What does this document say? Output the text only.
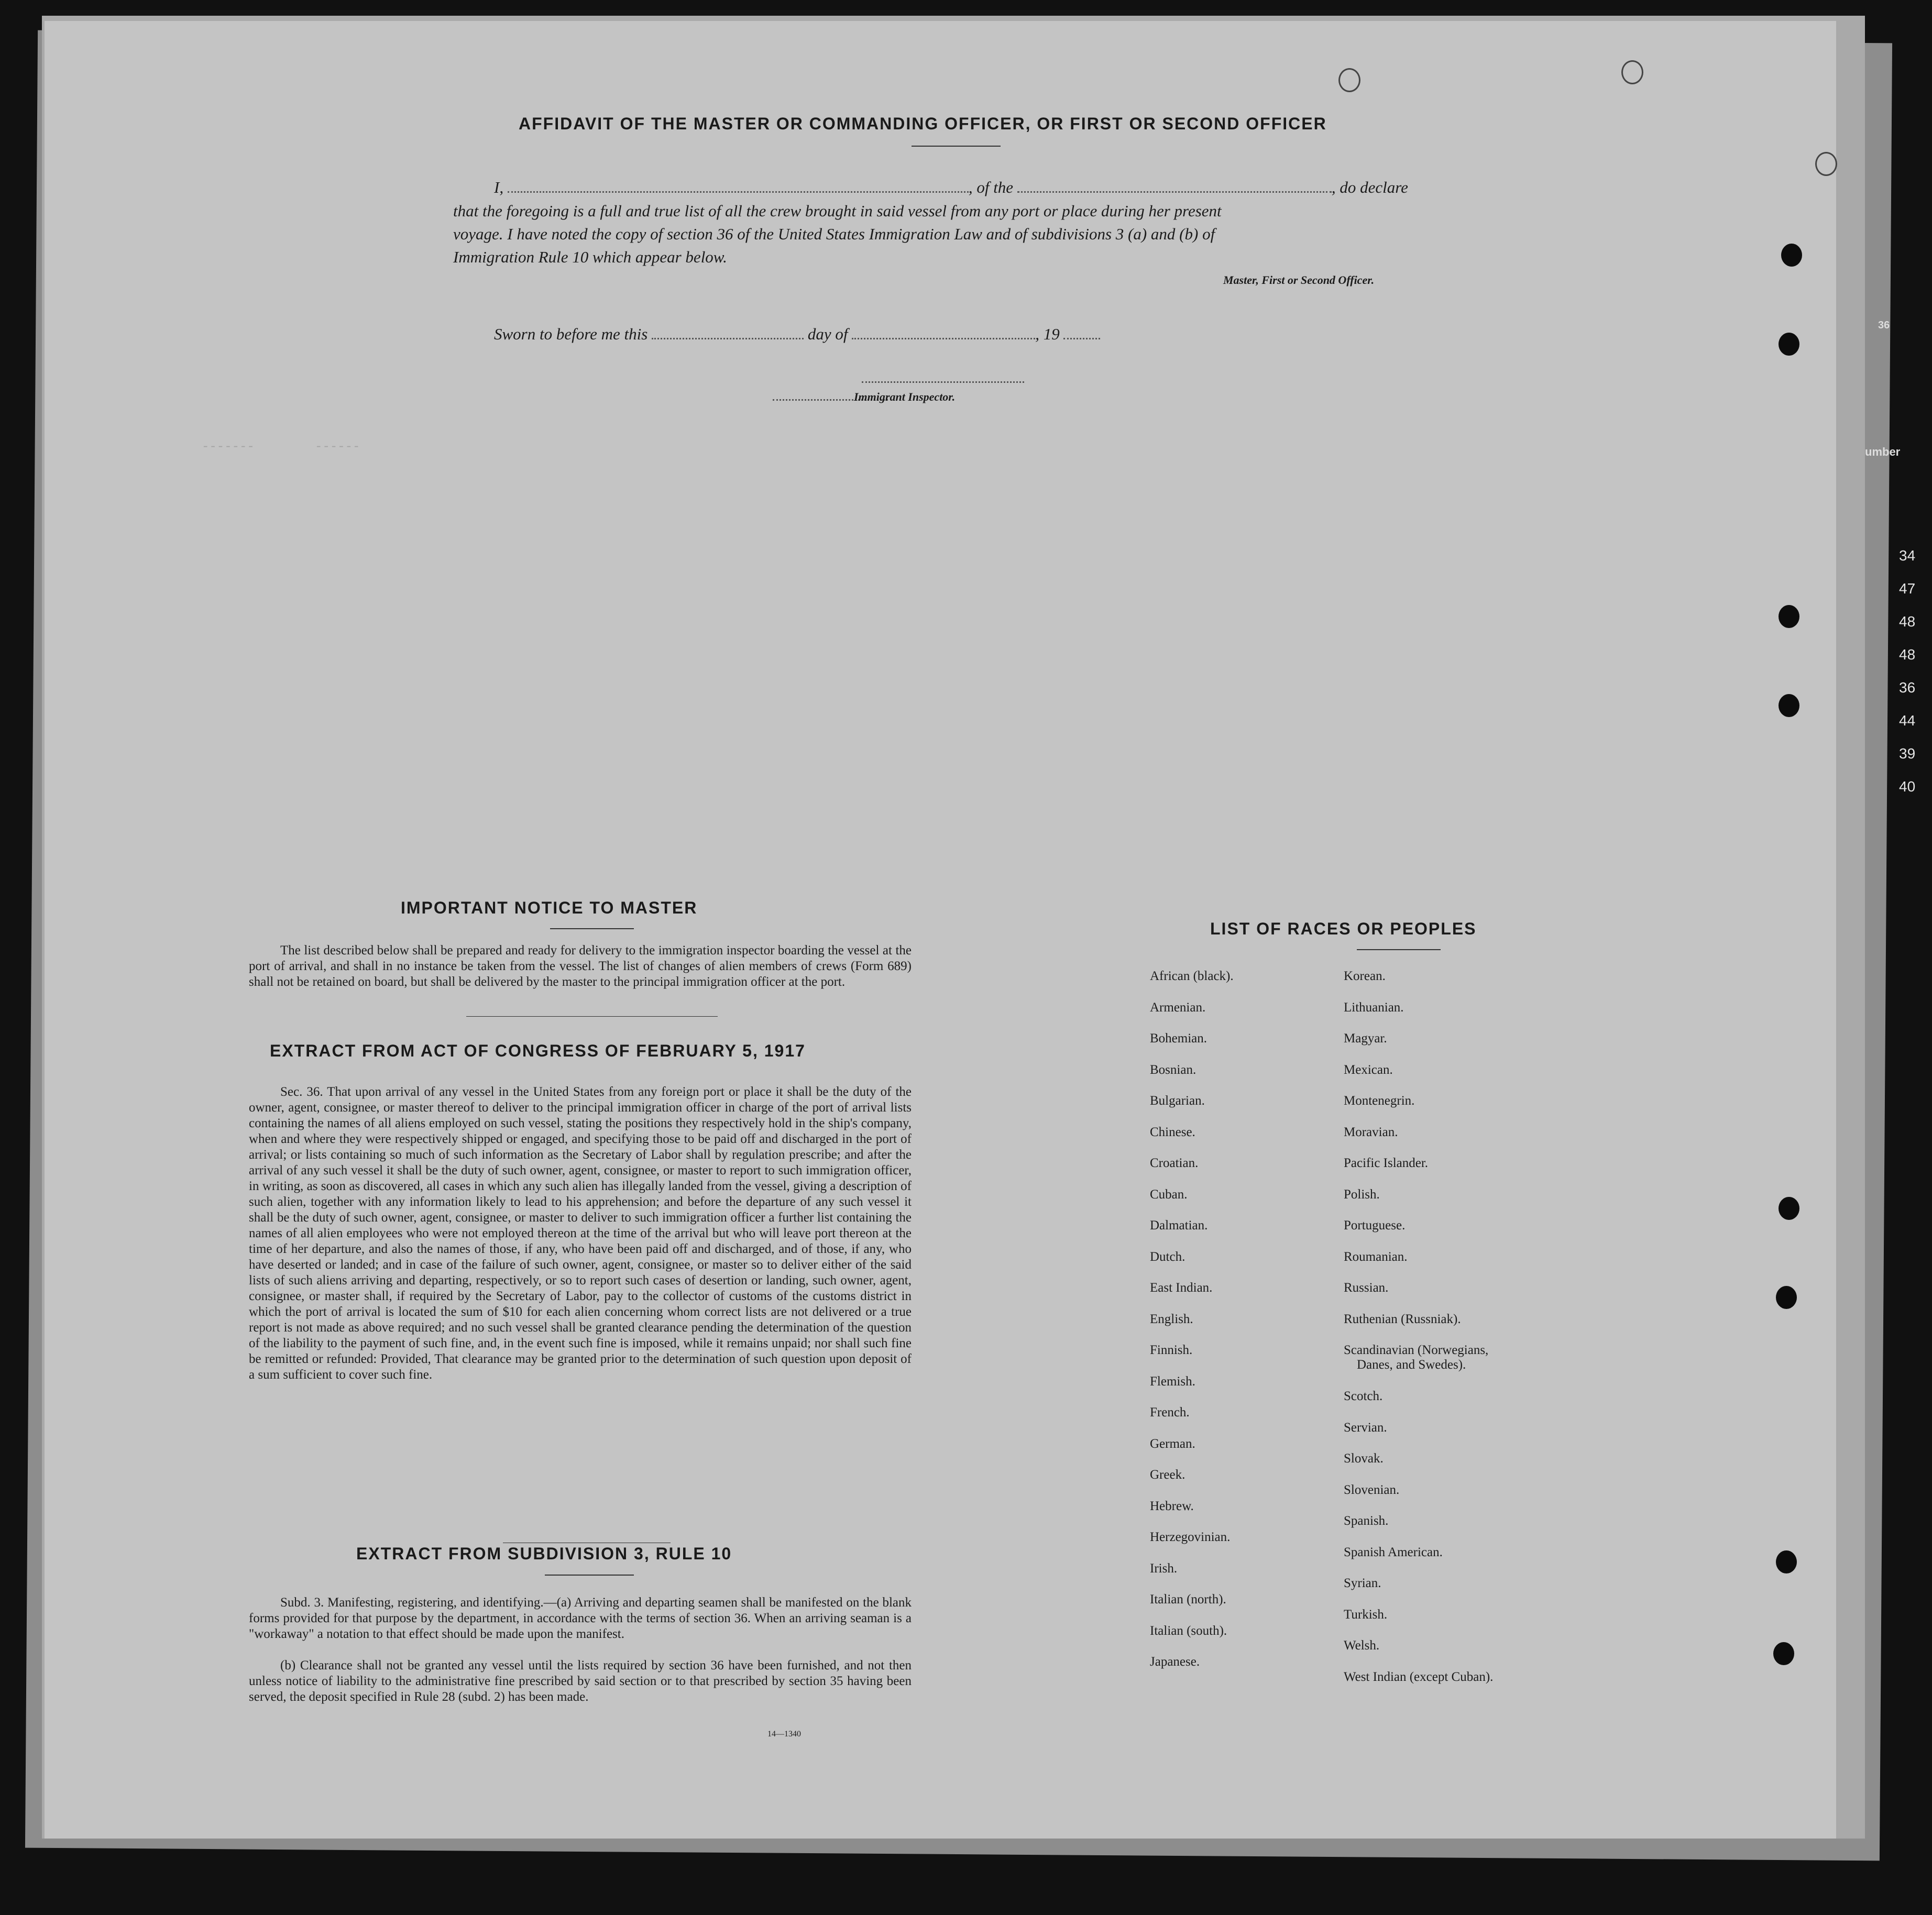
-------        ------
AFFIDAVIT OF THE MASTER OR COMMANDING OFFICER, OR FIRST OR SECOND OFFICER
I,	, of the	, do declare
that the foregoing is a full and true list of all the crew brought in said vessel from any port or place during her present
voyage. I have noted the copy of section 36 of the United States Immigration Law and of subdivisions 3 (a) and (b) of
Immigration Rule 10 which appear below.
Master, First or Second Officer.
Sworn to before me this	day of	, 19
Immigrant Inspector.
IMPORTANT NOTICE TO MASTER
The list described below shall be prepared and ready for delivery to the immigration inspector boarding the vessel at the port of arrival, and shall in no instance be taken from the vessel. The list of changes of alien members of crews (Form 689) shall not be retained on board, but shall be delivered by the master to the principal immigration officer at the port.
EXTRACT FROM ACT OF CONGRESS OF FEBRUARY 5, 1917
Sec. 36. That upon arrival of any vessel in the United States from any foreign port or place it shall be the duty of the owner, agent, consignee, or master thereof to deliver to the principal immigration officer in charge of the port of arrival lists containing the names of all aliens employed on such vessel, stating the positions they respectively hold in the ship's company, when and where they were respectively shipped or engaged, and specifying those to be paid off and discharged in the port of arrival; or lists containing so much of such information as the Secretary of Labor shall by regulation prescribe; and after the arrival of any such vessel it shall be the duty of such owner, agent, consignee, or master to report to such immigration officer, in writing, as soon as discovered, all cases in which any such alien has illegally landed from the vessel, giving a description of such alien, together with any information likely to lead to his apprehension; and before the departure of any such vessel it shall be the duty of such owner, agent, consignee, or master to deliver to such immigration officer a further list containing the names of all alien employees who were not employed thereon at the time of the arrival but who will leave port thereon at the time of her departure, and also the names of those, if any, who have been paid off and discharged, and of those, if any, who have deserted or landed; and in case of the failure of such owner, agent, consignee, or master so to deliver either of the said lists of such aliens arriving and departing, respectively, or so to report such cases of desertion or landing, such owner, agent, consignee, or master shall, if required by the Secretary of Labor, pay to the collector of customs of the customs district in which the port of arrival is located the sum of $10 for each alien concerning whom correct lists are not delivered or a true report is not made as above required; and no such vessel shall be granted clearance pending the determination of the question of the liability to the payment of such fine, and, in the event such fine is imposed, while it remains unpaid; nor shall such fine be remitted or refunded: Provided, That clearance may be granted prior to the determination of such question upon deposit of a sum sufficient to cover such fine.
EXTRACT FROM SUBDIVISION 3, RULE 10
Subd. 3. Manifesting, registering, and identifying.—(a) Arriving and departing seamen shall be manifested on the blank forms provided for that purpose by the department, in accordance with the terms of section 36. When an arriving seaman is a "workaway" a notation to that effect should be made upon the manifest.
(b) Clearance shall not be granted any vessel until the lists required by section 36 have been furnished, and not then unless notice of liability to the administrative fine prescribed by said section or to that prescribed by section 35 having been served, the deposit specified in Rule 28 (subd. 2) has been made.
14—1340
LIST OF RACES OR PEOPLES
African (black).
Armenian.
Bohemian.
Bosnian.
Bulgarian.
Chinese.
Croatian.
Cuban.
Dalmatian.
Dutch.
East Indian.
English.
Finnish.
Flemish.
French.
German.
Greek.
Hebrew.
Herzegovinian.
Irish.
Italian (north).
Italian (south).
Japanese.
Korean.
Lithuanian.
Magyar.
Mexican.
Montenegrin.
Moravian.
Pacific Islander.
Polish.
Portuguese.
Roumanian.
Russian.
Ruthenian (Russniak).
Scandinavian (Norwegians,
Danes, and Swedes).
Scotch.
Servian.
Slovak.
Slovenian.
Spanish.
Spanish American.
Syrian.
Turkish.
Welsh.
West Indian (except Cuban).
36
umber
34
47
48
48
36
44
39
40
